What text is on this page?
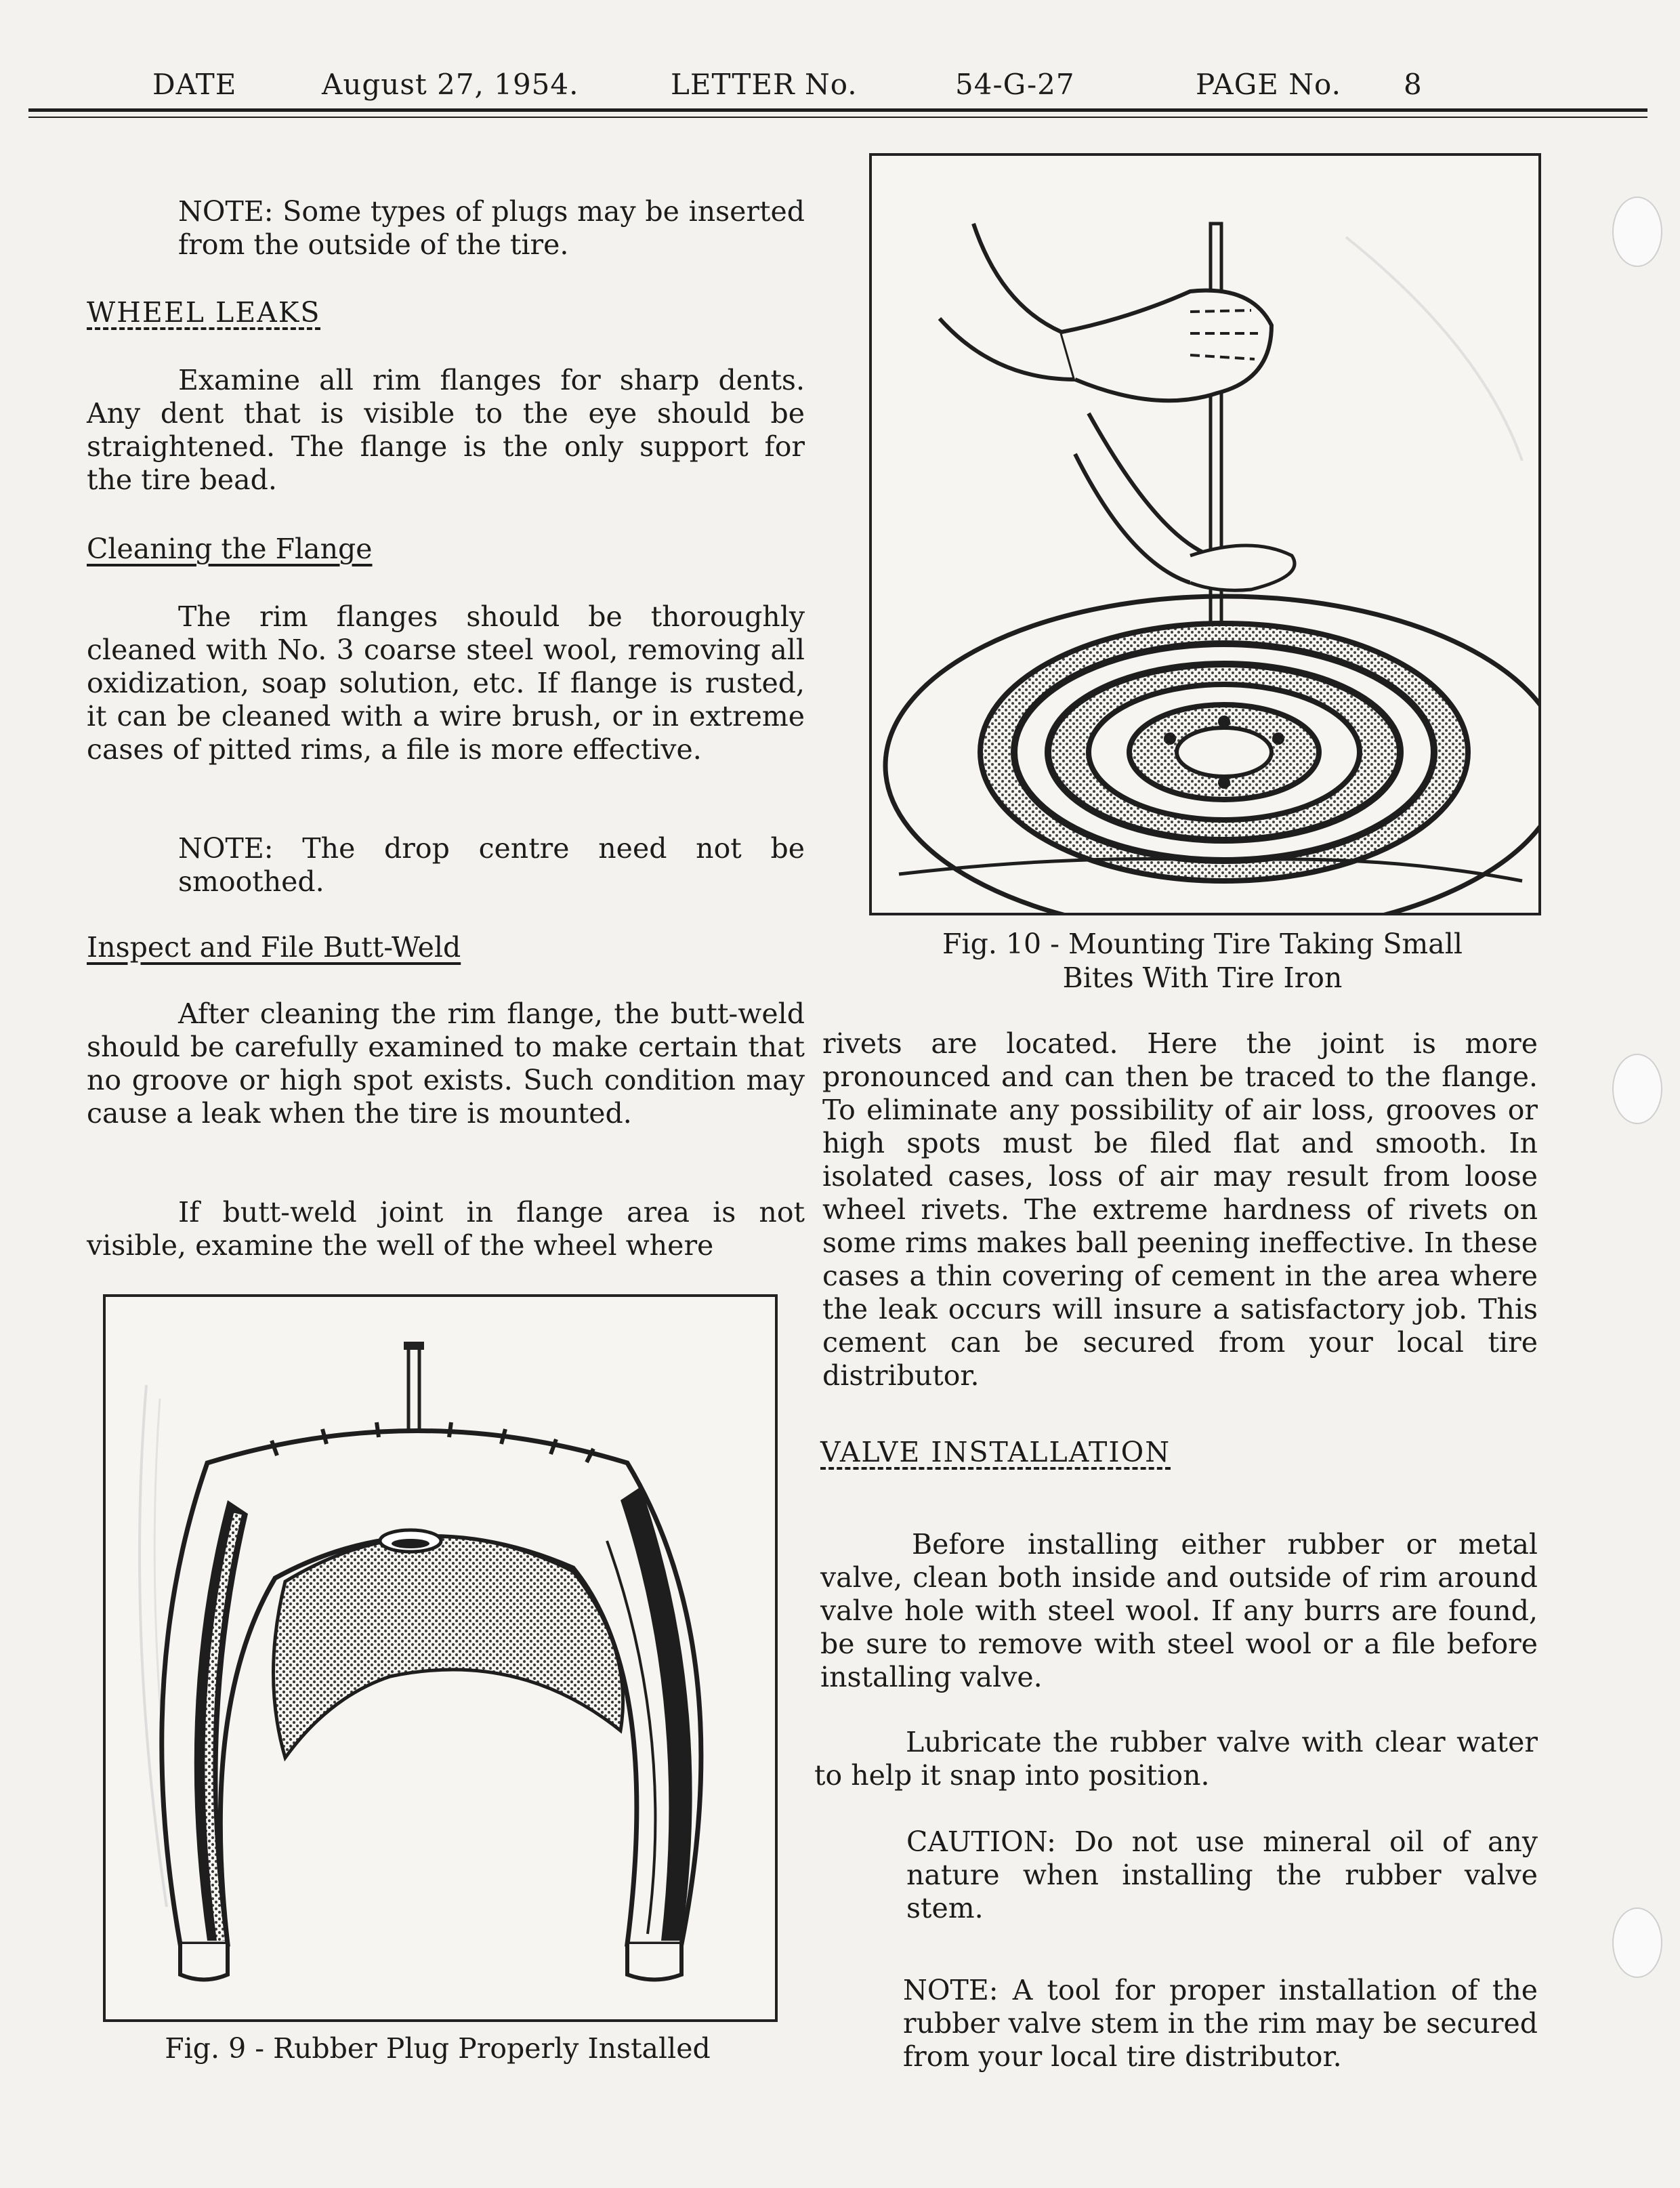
DATE	August 27, 1954.	LETTER No.	54-G-27	PAGE No. 8

NOTE: Some types of plugs may be inserted from the outside of the tire.

WHEEL LEAKS

Examine all rim flanges for sharp dents. Any dent that is visible to the eye should be straightened. The flange is the only support for the tire bead.

Cleaning the Flange

The rim flanges should be thoroughly cleaned with No. 3 coarse steel wool, removing all oxidization, soap solution, etc. If flange is rusted, it can be cleaned with a wire brush, or in extreme cases of pitted rims, a file is more effective.

NOTE: The drop centre need not be smoothed.

Inspect and File Butt-Weld

After cleaning the rim flange, the butt-weld should be carefully examined to make certain that no groove or high spot exists. Such condition may cause a leak when the tire is mounted.

If butt-weld joint in flange area is not visible, examine the well of the wheel where

Fig. 9 - Rubber Plug Properly Installed
Fig. 10 - Mounting Tire Taking Small
Bites With Tire Iron

rivets are located. Here the joint is more pronounced and can then be traced to the flange. To eliminate any possibility of air loss, grooves or high spots must be filed flat and smooth. In isolated cases, loss of air may result from loose wheel rivets. The extreme hardness of rivets on some rims makes ball peening ineffective. In these cases a thin covering of cement in the area where the leak occurs will insure a satisfactory job. This cement can be secured from your local tire distributor.

VALVE INSTALLATION

Before installing either rubber or metal valve, clean both inside and outside of rim around valve hole with steel wool. If any burrs are found, be sure to remove with steel wool or a file before installing valve.

Lubricate the rubber valve with clear water to help it snap into position.

CAUTION: Do not use mineral oil of any nature when installing the rubber valve stem.

NOTE: A tool for proper installation of the rubber valve stem in the rim may be secured from your local tire distributor.
